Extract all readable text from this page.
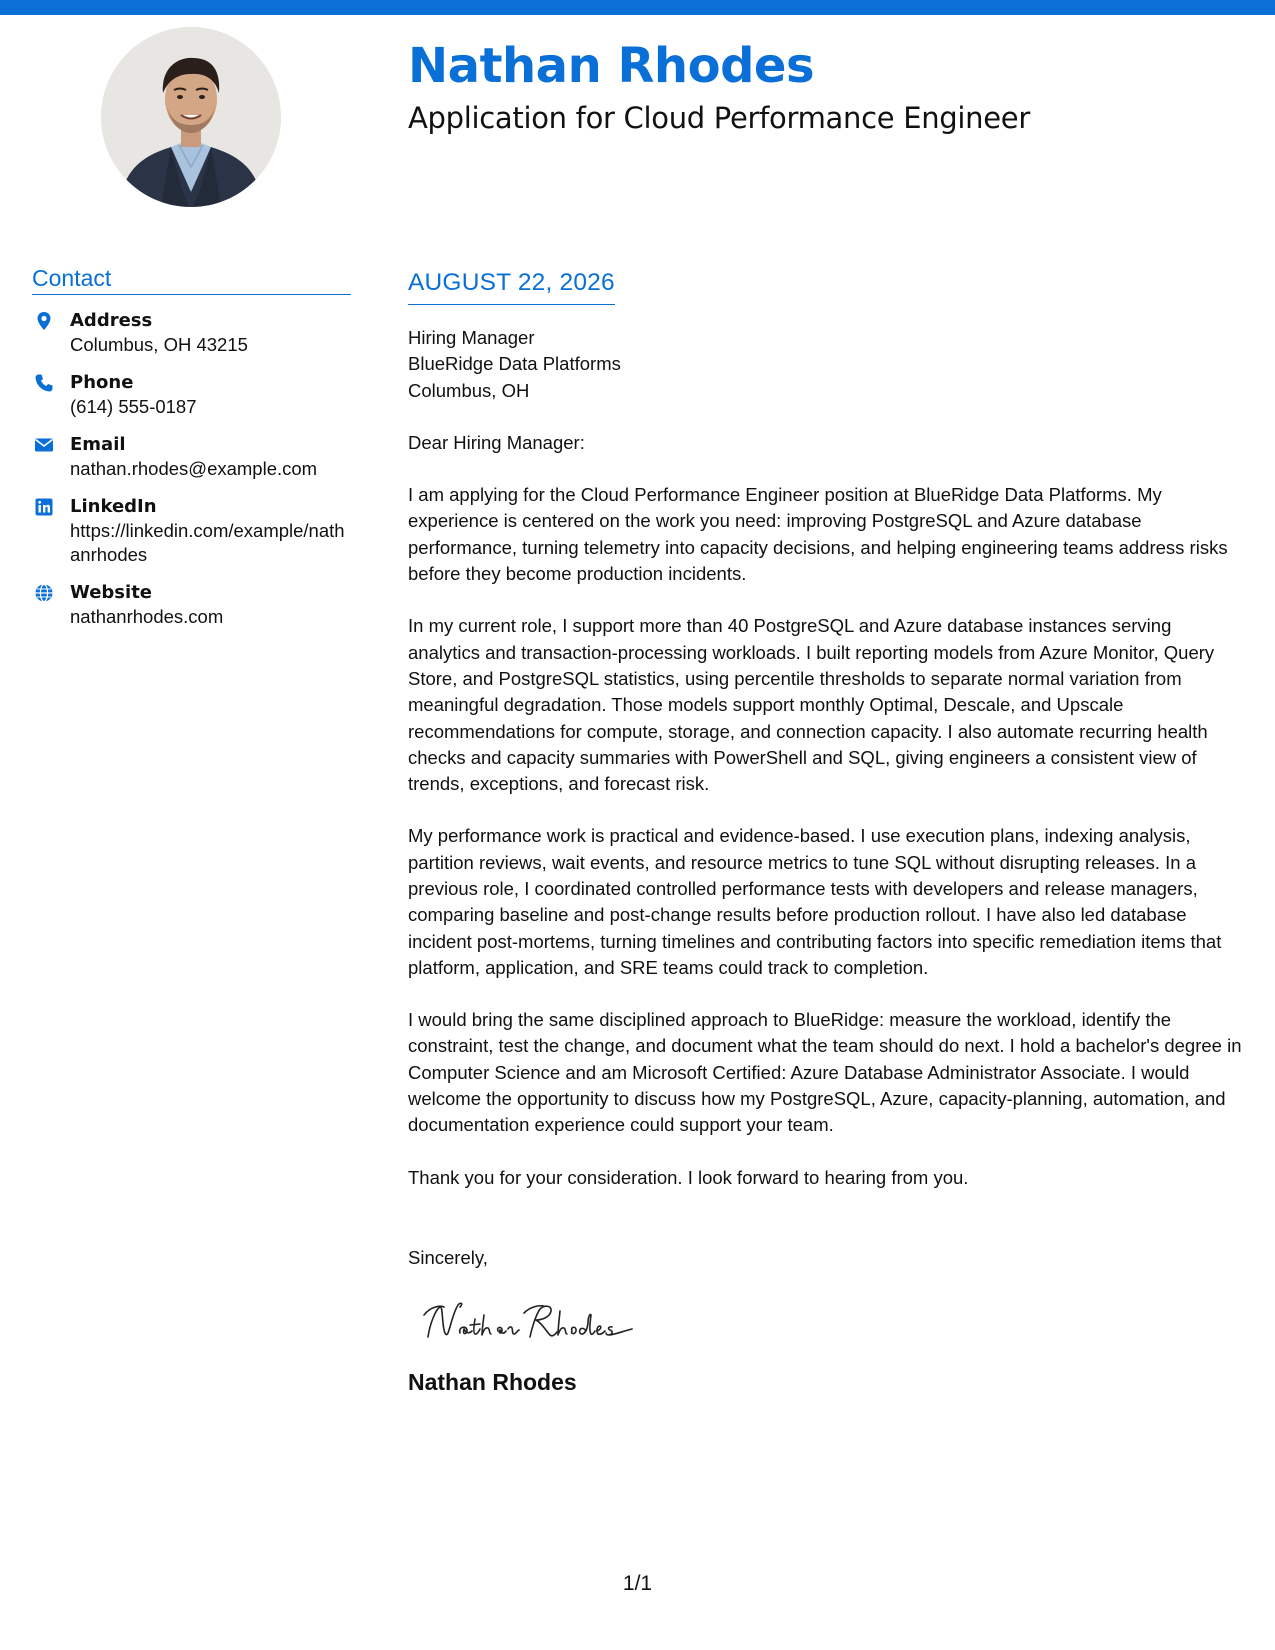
Nathan Rhodes
Application for Cloud Performance Engineer
Contact
Address
Columbus, OH 43215
Phone
(614) 555-0187
Email
nathan.rhodes@example.com
LinkedIn
https://linkedin.com/example/nathanrhodes
Website
nathanrhodes.com
AUGUST 22, 2026
Hiring Manager
BlueRidge Data Platforms
Columbus, OH
Dear Hiring Manager:
I am applying for the Cloud Performance Engineer position at BlueRidge Data Platforms. My experience is centered on the work you need: improving PostgreSQL and Azure database performance, turning telemetry into capacity decisions, and helping engineering teams address risks before they become production incidents.
In my current role, I support more than 40 PostgreSQL and Azure database instances serving analytics and transaction-processing workloads. I built reporting models from Azure Monitor, Query Store, and PostgreSQL statistics, using percentile thresholds to separate normal variation from meaningful degradation. Those models support monthly Optimal, Descale, and Upscale recommendations for compute, storage, and connection capacity. I also automate recurring health checks and capacity summaries with PowerShell and SQL, giving engineers a consistent view of trends, exceptions, and forecast risk.
My performance work is practical and evidence-based. I use execution plans, indexing analysis, partition reviews, wait events, and resource metrics to tune SQL without disrupting releases. In a previous role, I coordinated controlled performance tests with developers and release managers, comparing baseline and post-change results before production rollout. I have also led database incident post-mortems, turning timelines and contributing factors into specific remediation items that platform, application, and SRE teams could track to completion.
I would bring the same disciplined approach to BlueRidge: measure the workload, identify the constraint, test the change, and document what the team should do next. I hold a bachelor's degree in Computer Science and am Microsoft Certified: Azure Database Administrator Associate. I would welcome the opportunity to discuss how my PostgreSQL, Azure, capacity-planning, automation, and documentation experience could support your team.
Thank you for your consideration. I look forward to hearing from you.
Sincerely,
Nathan Rhodes
1/1
